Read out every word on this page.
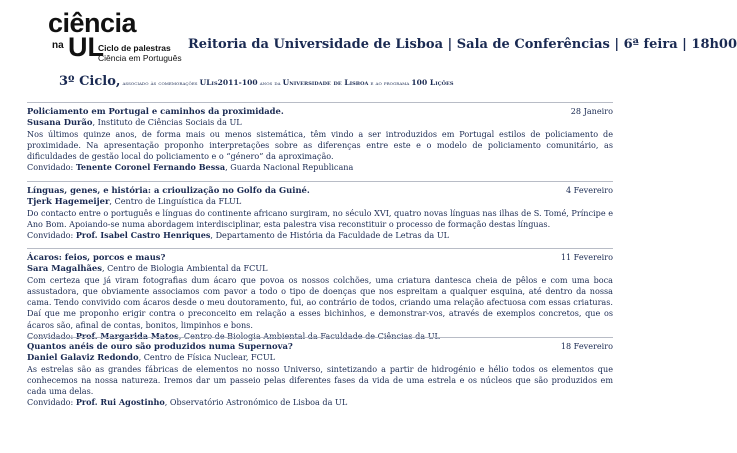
ciência
na UL
Ciclo de palestras
Ciência em Português
Reitoria da Universidade de Lisboa | Sala de Conferências | 6ª feira | 18h00
3º Ciclo, associado às comemorações ULis2011-100 anos da Universidade de Lisboa e ao programa 100 Lições
Policiamento em Portugal e caminhos da proximidade.	28 Janeiro
Susana Durão, Instituto de Ciências Sociais da UL
Nos últimos quinze anos, de forma mais ou menos sistemática, têm vindo a ser introduzidos em Portugal estilos de policiamento de proximidade. Na apresentação proponho interpretações sobre as diferenças entre este e o modelo de policiamento comunitário, as dificuldades de gestão local do policiamento e o “género” da aproximação.
Convidado: Tenente Coronel Fernando Bessa, Guarda Nacional Republicana
Línguas, genes, e história: a crioulização no Golfo da Guiné.	4 Fevereiro
Tjerk Hagemeijer, Centro de Linguística da FLUL
Do contacto entre o português e línguas do continente africano surgiram, no século XVI, quatro novas línguas nas ilhas de S. Tomé, Príncipe e Ano Bom. Apoiando-se numa abordagem interdisciplinar, esta palestra visa reconstituir o processo de formação destas línguas.
Convidado: Prof. Isabel Castro Henriques, Departamento de História da Faculdade de Letras da UL
Ácaros: feios, porcos e maus?	11 Fevereiro
Sara Magalhães, Centro de Biologia Ambiental da FCUL
Com certeza que já viram fotografias dum ácaro que povoa os nossos colchões, uma criatura dantesca cheia de pêlos e com uma boca assustadora, que obviamente associamos com pavor a todo o tipo de doenças que nos espreitam a qualquer esquina, até dentro da nossa cama. Tendo convivido com ácaros desde o meu doutoramento, fui, ao contrário de todos, criando uma relação afectuosa com essas criaturas. Daí que me proponho erigir contra o preconceito em relação a esses bichinhos, e demonstrar-vos, através de exemplos concretos, que os ácaros são, afinal de contas, bonitos, limpinhos e bons.
Convidado: Prof. Margarida Matos, Centro de Biologia Ambiental da Faculdade de Ciências da UL
Quantos anéis de ouro são produzidos numa Supernova?	18 Fevereiro
Daniel Galaviz Redondo, Centro de Física Nuclear, FCUL
As estrelas são as grandes fábricas de elementos no nosso Universo, sintetizando a partir de hidrogénio e hélio todos os elementos que conhecemos na nossa natureza. Iremos dar um passeio pelas diferentes fases da vida de uma estrela e os núcleos que são produzidos em cada uma delas.
Convidado: Prof. Rui Agostinho, Observatório Astronómico de Lisboa da UL
